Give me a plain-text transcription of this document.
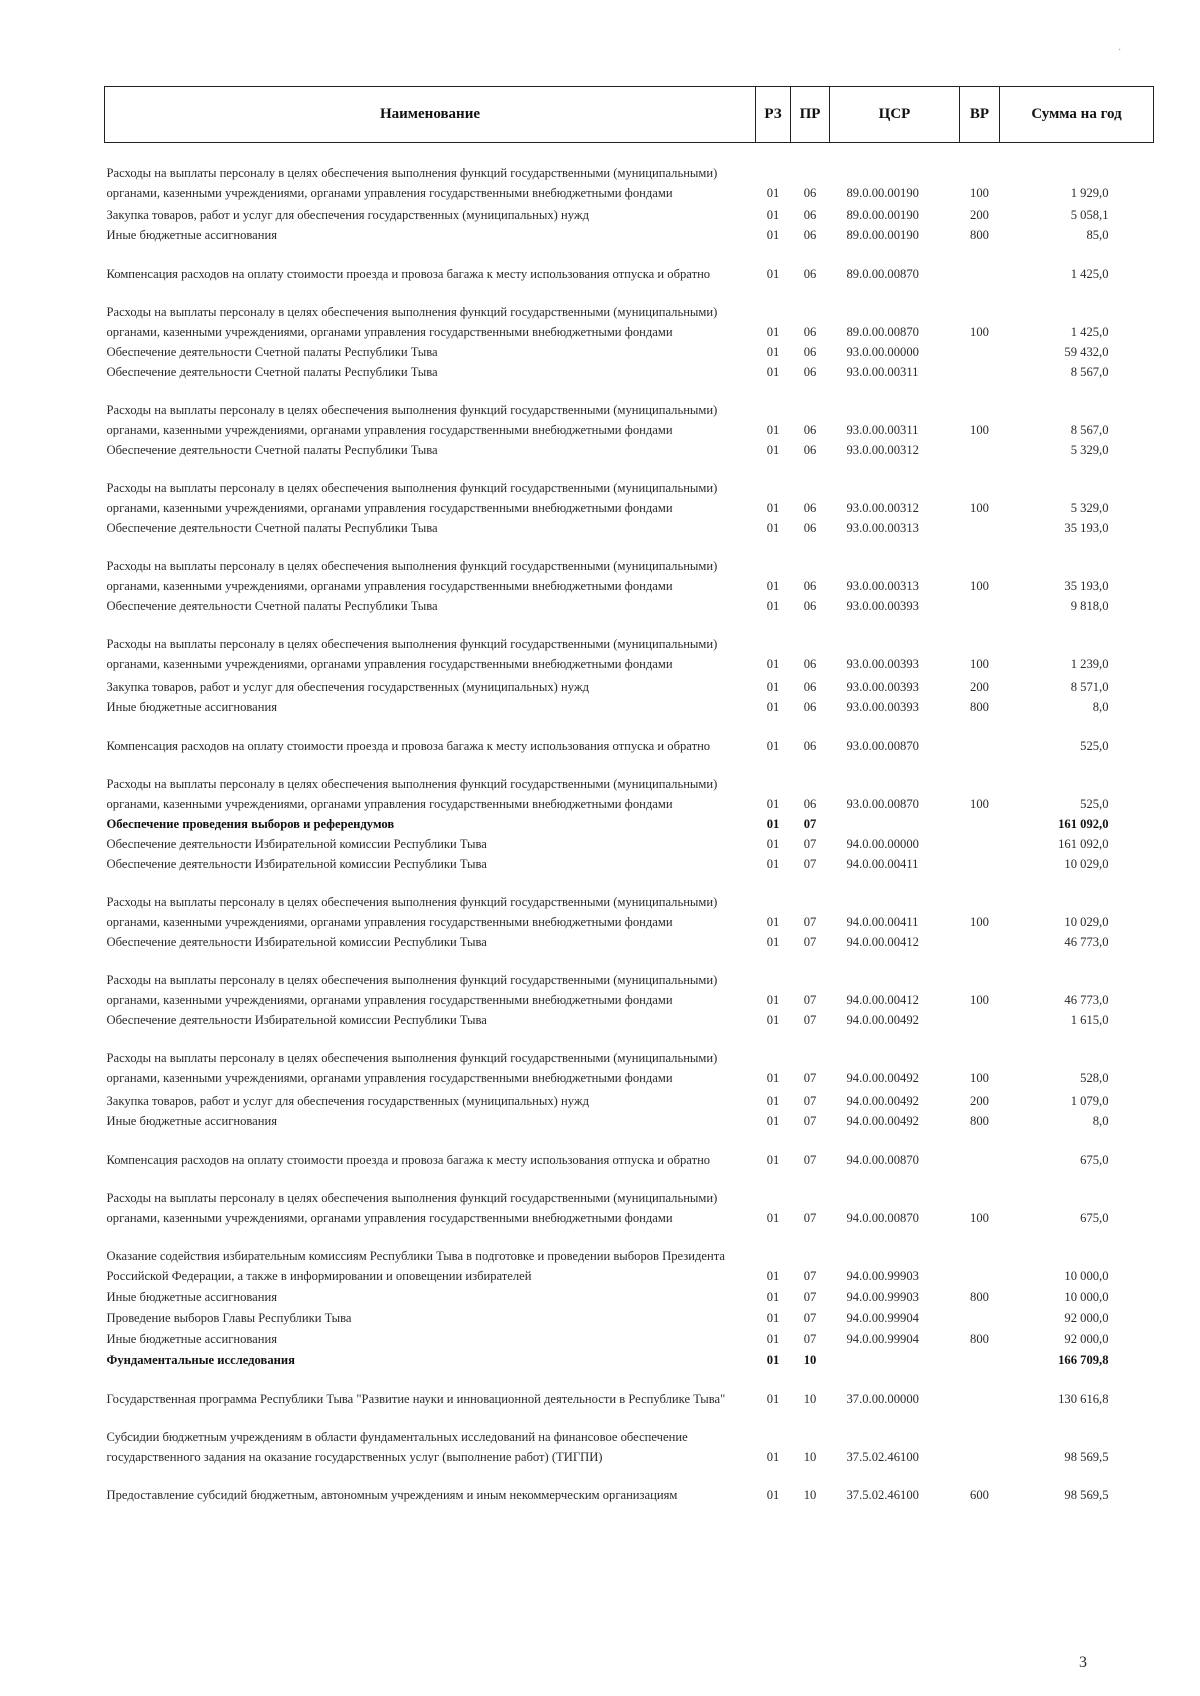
·
Наименование	РЗ	ПР	ЦСР	ВР	Сумма на год
Расходы на выплаты персоналу в целях обеспечения выполнения функций государственными (муниципальными) органами, казенными учреждениями, органами управления государственными внебюджетными фондами	01	06	89.0.00.00190	100	1 929,0
Закупка товаров, работ и услуг для обеспечения государственных (муниципальных) нужд	01	06	89.0.00.00190	200	5 058,1
Иные бюджетные ассигнования	01	06	89.0.00.00190	800	85,0
Компенсация расходов на оплату стоимости проезда и провоза багажа к месту использования отпуска и обратно	01	06	89.0.00.00870		1 425,0
Расходы на выплаты персоналу в целях обеспечения выполнения функций государственными (муниципальными) органами, казенными учреждениями, органами управления государственными внебюджетными фондами	01	06	89.0.00.00870	100	1 425,0
Обеспечение деятельности Счетной палаты Республики Тыва	01	06	93.0.00.00000		59 432,0
Обеспечение деятельности Счетной палаты Республики Тыва	01	06	93.0.00.00311		8 567,0
Расходы на выплаты персоналу в целях обеспечения выполнения функций государственными (муниципальными) органами, казенными учреждениями, органами управления государственными внебюджетными фондами	01	06	93.0.00.00311	100	8 567,0
Обеспечение деятельности Счетной палаты Республики Тыва	01	06	93.0.00.00312		5 329,0
Расходы на выплаты персоналу в целях обеспечения выполнения функций государственными (муниципальными) органами, казенными учреждениями, органами управления государственными внебюджетными фондами	01	06	93.0.00.00312	100	5 329,0
Обеспечение деятельности Счетной палаты Республики Тыва	01	06	93.0.00.00313		35 193,0
Расходы на выплаты персоналу в целях обеспечения выполнения функций государственными (муниципальными) органами, казенными учреждениями, органами управления государственными внебюджетными фондами	01	06	93.0.00.00313	100	35 193,0
Обеспечение деятельности Счетной палаты Республики Тыва	01	06	93.0.00.00393		9 818,0
Расходы на выплаты персоналу в целях обеспечения выполнения функций государственными (муниципальными) органами, казенными учреждениями, органами управления государственными внебюджетными фондами	01	06	93.0.00.00393	100	1 239,0
Закупка товаров, работ и услуг для обеспечения государственных (муниципальных) нужд	01	06	93.0.00.00393	200	8 571,0
Иные бюджетные ассигнования	01	06	93.0.00.00393	800	8,0
Компенсация расходов на оплату стоимости проезда и провоза багажа к месту использования отпуска и обратно	01	06	93.0.00.00870		525,0
Расходы на выплаты персоналу в целях обеспечения выполнения функций государственными (муниципальными) органами, казенными учреждениями, органами управления государственными внебюджетными фондами	01	06	93.0.00.00870	100	525,0
Обеспечение проведения выборов и референдумов	01	07			161 092,0
Обеспечение деятельности Избирательной комиссии Республики Тыва	01	07	94.0.00.00000		161 092,0
Обеспечение деятельности Избирательной комиссии Республики Тыва	01	07	94.0.00.00411		10 029,0
Расходы на выплаты персоналу в целях обеспечения выполнения функций государственными (муниципальными) органами, казенными учреждениями, органами управления государственными внебюджетными фондами	01	07	94.0.00.00411	100	10 029,0
Обеспечение деятельности Избирательной комиссии Республики Тыва	01	07	94.0.00.00412		46 773,0
Расходы на выплаты персоналу в целях обеспечения выполнения функций государственными (муниципальными) органами, казенными учреждениями, органами управления государственными внебюджетными фондами	01	07	94.0.00.00412	100	46 773,0
Обеспечение деятельности Избирательной комиссии Республики Тыва	01	07	94.0.00.00492		1 615,0
Расходы на выплаты персоналу в целях обеспечения выполнения функций государственными (муниципальными) органами, казенными учреждениями, органами управления государственными внебюджетными фондами	01	07	94.0.00.00492	100	528,0
Закупка товаров, работ и услуг для обеспечения государственных (муниципальных) нужд	01	07	94.0.00.00492	200	1 079,0
Иные бюджетные ассигнования	01	07	94.0.00.00492	800	8,0
Компенсация расходов на оплату стоимости проезда и провоза багажа к месту использования отпуска и обратно	01	07	94.0.00.00870		675,0
Расходы на выплаты персоналу в целях обеспечения выполнения функций государственными (муниципальными) органами, казенными учреждениями, органами управления государственными внебюджетными фондами	01	07	94.0.00.00870	100	675,0
Оказание содействия избирательным комиссиям Республики Тыва в подготовке и проведении выборов Президента Российской Федерации, а также в информировании и оповещении избирателей	01	07	94.0.00.99903		10 000,0
Иные бюджетные ассигнования	01	07	94.0.00.99903	800	10 000,0
Проведение выборов Главы Республики Тыва	01	07	94.0.00.99904		92 000,0
Иные бюджетные ассигнования	01	07	94.0.00.99904	800	92 000,0
Фундаментальные исследования	01	10			166 709,8
Государственная программа Республики Тыва "Развитие науки и инновационной деятельности в Республике Тыва"	01	10	37.0.00.00000		130 616,8
Субсидии бюджетным учреждениям в области фундаментальных исследований на финансовое обеспечение государственного задания на оказание государственных услуг (выполнение работ) (ТИГПИ)	01	10	37.5.02.46100		98 569,5
Предоставление субсидий бюджетным, автономным учреждениям и иным некоммерческим организациям	01	10	37.5.02.46100	600	98 569,5
3
